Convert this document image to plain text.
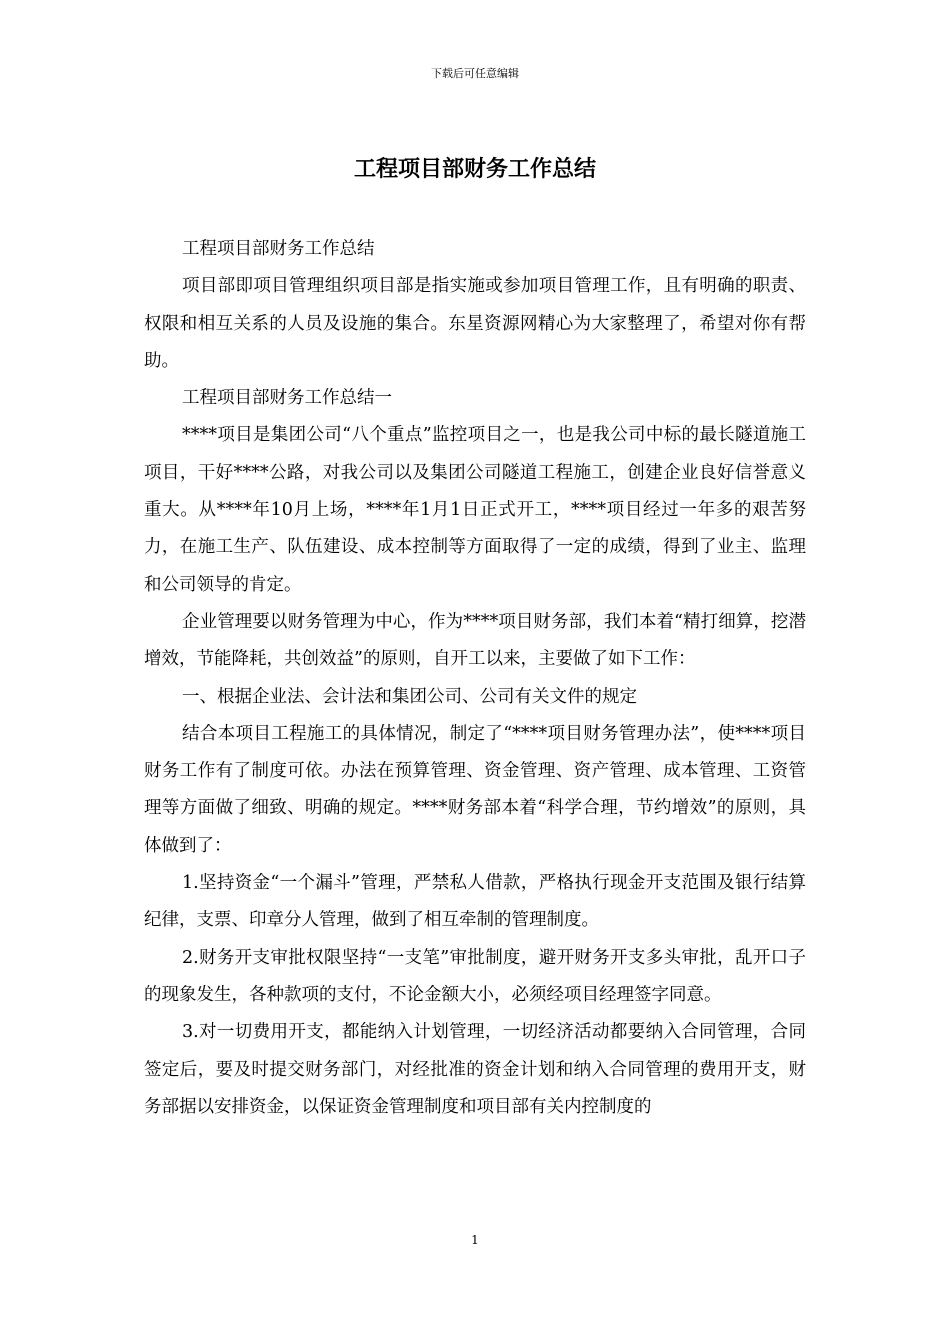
下载后可任意编辑
工程项目部财务工作总结

工程项目部财务工作总结

项目部即项目管理组织项目部是指实施或参加项目管理工作，且有明确的职责、权限和相互关系的人员及设施的集合。东星资源网精心为大家整理了，希望对你有帮助。

工程项目部财务工作总结一

****项目是集团公司“八个重点”监控项目之一，也是我公司中标的最长隧道施工项目，干好****公路，对我公司以及集团公司隧道工程施工，创建企业良好信誉意义重大。从****年10月上场，****年1月1日正式开工，****项目经过一年多的艰苦努力，在施工生产、队伍建设、成本控制等方面取得了一定的成绩，得到了业主、监理和公司领导的肯定。

企业管理要以财务管理为中心，作为****项目财务部，我们本着“精打细算，挖潜增效，节能降耗，共创效益”的原则，自开工以来，主要做了如下工作：

一、根据企业法、会计法和集团公司、公司有关文件的规定

结合本项目工程施工的具体情况，制定了“****项目财务管理办法”，使****项目财务工作有了制度可依。办法在预算管理、资金管理、资产管理、成本管理、工资管理等方面做了细致、明确的规定。****财务部本着“科学合理，节约增效”的原则，具体做到了：

1.坚持资金“一个漏斗”管理，严禁私人借款，严格执行现金开支范围及银行结算纪律，支票、印章分人管理，做到了相互牵制的管理制度。

2.财务开支审批权限坚持“一支笔”审批制度，避开财务开支多头审批，乱开口子的现象发生，各种款项的支付，不论金额大小，必须经项目经理签字同意。

3.对一切费用开支，都能纳入计划管理，一切经济活动都要纳入合同管理，合同签定后，要及时提交财务部门，对经批准的资金计划和纳入合同管理的费用开支，财务部据以安排资金，以保证资金管理制度和项目部有关内控制度的

1
